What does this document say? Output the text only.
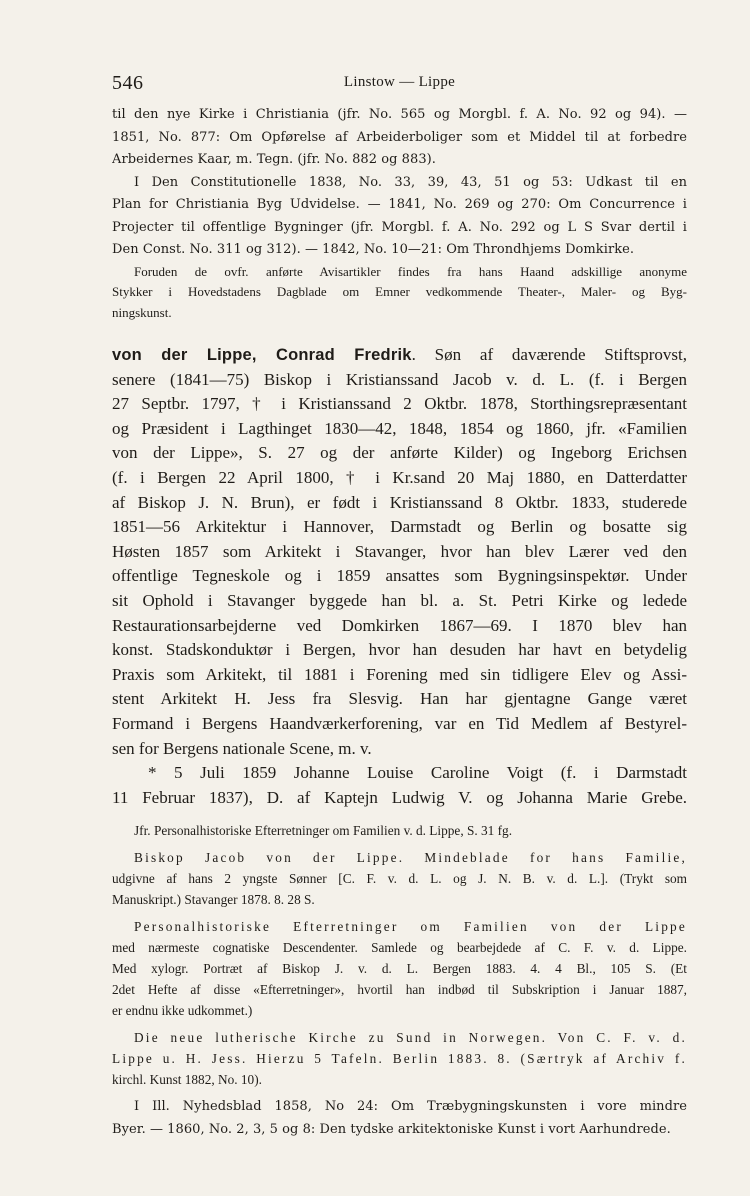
546	Linstow — Lippe
til den nye Kirke i Christiania (jfr. No. 565 og Morgbl. f. A. No. 92 og 94). —
1851, No. 877: Om Opførelse af Arbeiderboliger som et Middel til at forbedre
Arbeidernes Kaar, m. Tegn. (jfr. No. 882 og 883).
I Den Constitutionelle 1838, No. 33, 39, 43, 51 og 53: Udkast til en
Plan for Christiania Byg Udvidelse. — 1841, No. 269 og 270: Om Concurrence i
Projecter til offentlige Bygninger (jfr. Morgbl. f. A. No. 292 og L S Svar dertil i
Den Const. No. 311 og 312). — 1842, No. 10—21: Om Throndhjems Domkirke.
Foruden de ovfr. anførte Avisartikler findes fra hans Haand adskillige anonyme
Stykker i Hovedstadens Dagblade om Emner vedkommende Theater-, Maler- og Byg-
ningskunst.
von der Lippe, Conrad Fredrik. Søn af daværende Stiftsprovst,
senere (1841—75) Biskop i Kristianssand Jacob v. d. L. (f. i Bergen
27 Septbr. 1797, † i Kristianssand 2 Oktbr. 1878, Storthingsrepræsentant
og Præsident i Lagthinget 1830—42, 1848, 1854 og 1860, jfr. «Familien
von der Lippe», S. 27 og der anførte Kilder) og Ingeborg Erichsen
(f. i Bergen 22 April 1800, † i Kr.sand 20 Maj 1880, en Datterdatter
af Biskop J. N. Brun), er født i Kristianssand 8 Oktbr. 1833, studerede
1851—56 Arkitektur i Hannover, Darmstadt og Berlin og bosatte sig
Høsten 1857 som Arkitekt i Stavanger, hvor han blev Lærer ved den
offentlige Tegneskole og i 1859 ansattes som Bygningsinspektør. Under
sit Ophold i Stavanger byggede han bl. a. St. Petri Kirke og ledede
Restaurationsarbejderne ved Domkirken 1867—69. I 1870 blev han
konst. Stadskonduktør i Bergen, hvor han desuden har havt en betydelig
Praxis som Arkitekt, til 1881 i Forening med sin tidligere Elev og Assi-
stent Arkitekt H. Jess fra Slesvig. Han har gjentagne Gange været
Formand i Bergens Haandværkerforening, var en Tid Medlem af Bestyrel-
sen for Bergens nationale Scene, m. v.
* 5 Juli 1859 Johanne Louise Caroline Voigt (f. i Darmstadt
11 Februar 1837), D. af Kaptejn Ludwig V. og Johanna Marie Grebe.
Jfr. Personalhistoriske Efterretninger om Familien v. d. Lippe, S. 31 fg.
Biskop Jacob von der Lippe. Mindeblade for hans Familie,
udgivne af hans 2 yngste Sønner [C. F. v. d. L. og J. N. B. v. d. L.]. (Trykt som
Manuskript.) Stavanger 1878. 8. 28 S.
Personalhistoriske Efterretninger om Familien von der Lippe
med nærmeste cognatiske Descendenter. Samlede og bearbejdede af C. F. v. d. Lippe.
Med xylogr. Portræt af Biskop J. v. d. L. Bergen 1883. 4. 4 Bl., 105 S. (Et
2det Hefte af disse «Efterretninger», hvortil han indbød til Subskription i Januar 1887,
er endnu ikke udkommet.)
Die neue lutherische Kirche zu Sund in Norwegen. Von C. F. v. d.
Lippe u. H. Jess. Hierzu 5 Tafeln. Berlin 1883. 8. (Særtryk af Archiv f.
kirchl. Kunst 1882, No. 10).
I Ill. Nyhedsblad 1858, No 24: Om Træbygningskunsten i vore mindre
Byer. — 1860, No. 2, 3, 5 og 8: Den tydske arkitektoniske Kunst i vort Aarhundrede.
